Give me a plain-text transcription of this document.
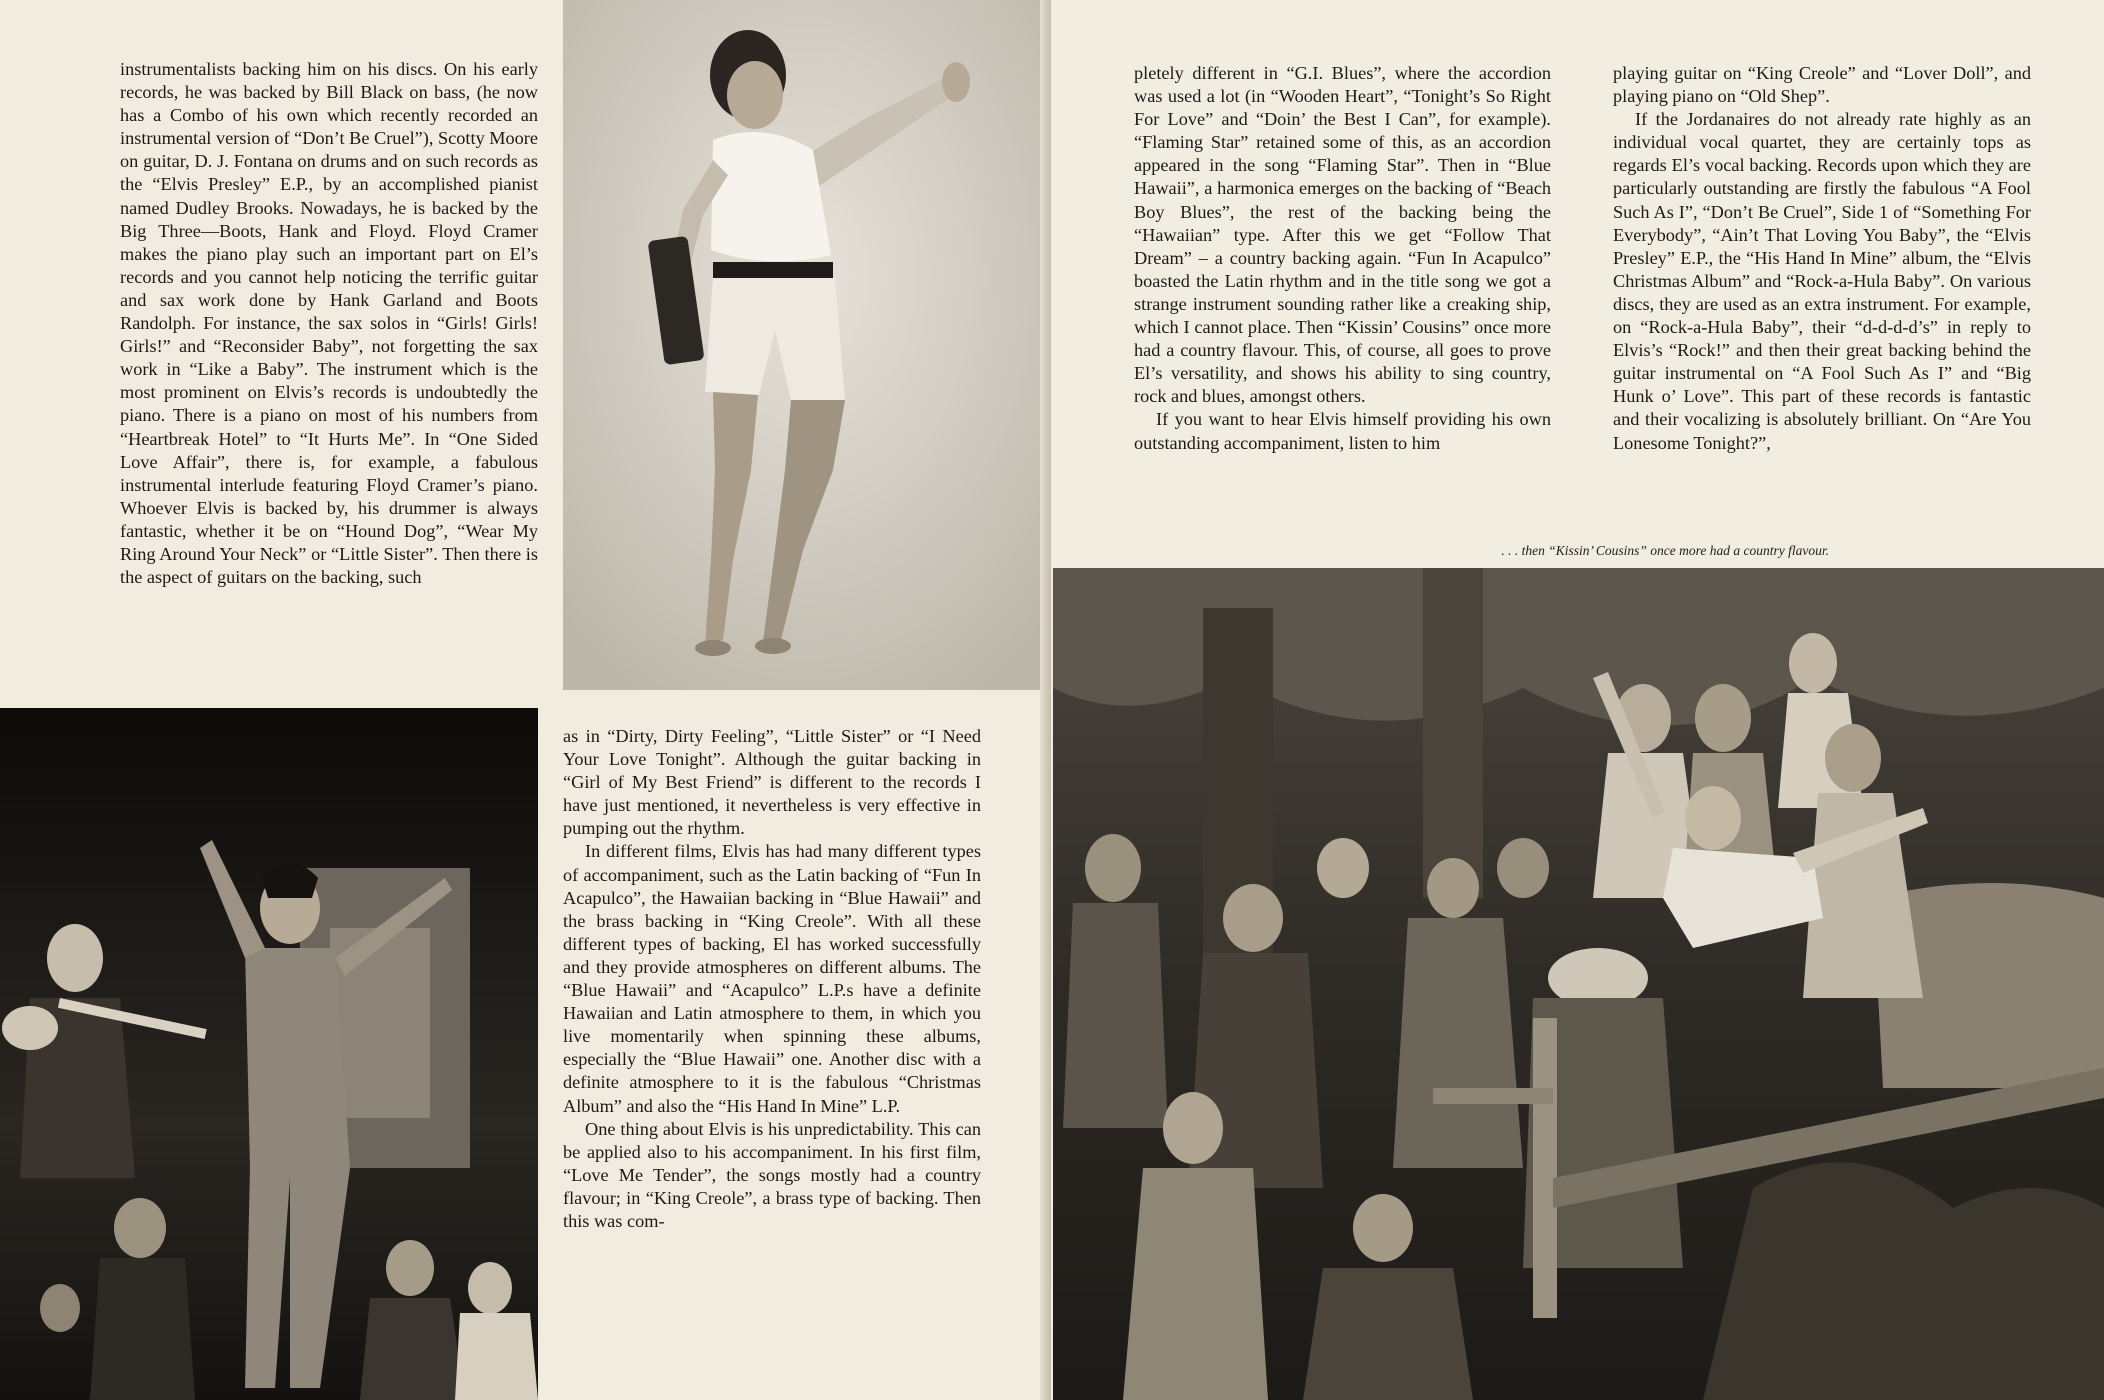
instrumentalists backing him on his discs. On his early records, he was backed by Bill Black on bass, (he now has a Combo of his own which recently recorded an instrumental version of “Don’t Be Cruel”), Scotty Moore on guitar, D. J. Fontana on drums and on such records as the “Elvis Presley” E.P., by an accomplished pianist named Dudley Brooks. Nowadays, he is backed by the Big Three—Boots, Hank and Floyd. Floyd Cramer makes the piano play such an important part on El’s records and you cannot help noticing the terrific guitar and sax work done by Hank Garland and Boots Randolph. For instance, the sax solos in “Girls! Girls! Girls!” and “Reconsider Baby”, not forgetting the sax work in “Like a Baby”. The instrument which is the most prominent on Elvis’s records is undoubtedly the piano. There is a piano on most of his numbers from “Heartbreak Hotel” to “It Hurts Me”. In “One Sided Love Affair”, there is, for example, a fabulous instrumental interlude featuring Floyd Cramer’s piano. Whoever Elvis is backed by, his drummer is always fantastic, whether it be on “Hound Dog”, “Wear My Ring Around Your Neck” or “Little Sister”. Then there is the aspect of guitars on the backing, such

as in “Dirty, Dirty Feeling”, “Little Sister” or “I Need Your Love Tonight”. Although the guitar backing in “Girl of My Best Friend” is different to the records I have just mentioned, it nevertheless is very effective in pumping out the rhythm.

In different films, Elvis has had many different types of accompaniment, such as the Latin backing of “Fun In Acapulco”, the Hawaiian backing in “Blue Hawaii” and the brass backing in “King Creole”. With all these different types of backing, El has worked successfully and they provide atmospheres on different albums. The “Blue Hawaii” and “Acapulco” L.P.s have a definite Hawaiian and Latin atmosphere to them, in which you live momentarily when spinning these albums, especially the “Blue Hawaii” one. Another disc with a definite atmosphere to it is the fabulous “Christmas Album” and also the “His Hand In Mine” L.P.

One thing about Elvis is his unpredictability. This can be applied also to his accompaniment. In his first film, “Love Me Tender”, the songs mostly had a country flavour; in “King Creole”, a brass type of backing. Then this was com-

pletely different in “G.I. Blues”, where the accordion was used a lot (in “Wooden Heart”, “Tonight’s So Right For Love” and “Doin’ the Best I Can”, for example). “Flaming Star” retained some of this, as an accordion appeared in the song “Flaming Star”. Then in “Blue Hawaii”, a harmonica emerges on the backing of “Beach Boy Blues”, the rest of the backing being the “Hawaiian” type. After this we get “Follow That Dream” – a country backing again. “Fun In Acapulco” boasted the Latin rhythm and in the title song we got a strange instrument sounding rather like a creaking ship, which I cannot place. Then “Kissin’ Cousins” once more had a country flavour. This, of course, all goes to prove El’s versatility, and shows his ability to sing country, rock and blues, amongst others.

If you want to hear Elvis himself providing his own outstanding accompaniment, listen to him

playing guitar on “King Creole” and “Lover Doll”, and playing piano on “Old Shep”.

If the Jordanaires do not already rate highly as an individual vocal quartet, they are certainly tops as regards El’s vocal backing. Records upon which they are particularly outstanding are firstly the fabulous “A Fool Such As I”, “Don’t Be Cruel”, Side 1 of “Something For Everybody”, “Ain’t That Loving You Baby”, the “Elvis Presley” E.P., the “His Hand In Mine” album, the “Elvis Christmas Album” and “Rock-a-Hula Baby”. On various discs, they are used as an extra instrument. For example, on “Rock-a-Hula Baby”, their “d-d-d-d’s” in reply to Elvis’s “Rock!” and then their great backing behind the guitar instrumental on “A Fool Such As I” and “Big Hunk o’ Love”. This part of these records is fantastic and their vocalizing is absolutely brilliant. On “Are You Lonesome Tonight?”,

. . . then “Kissin’ Cousins” once more had a country flavour.
